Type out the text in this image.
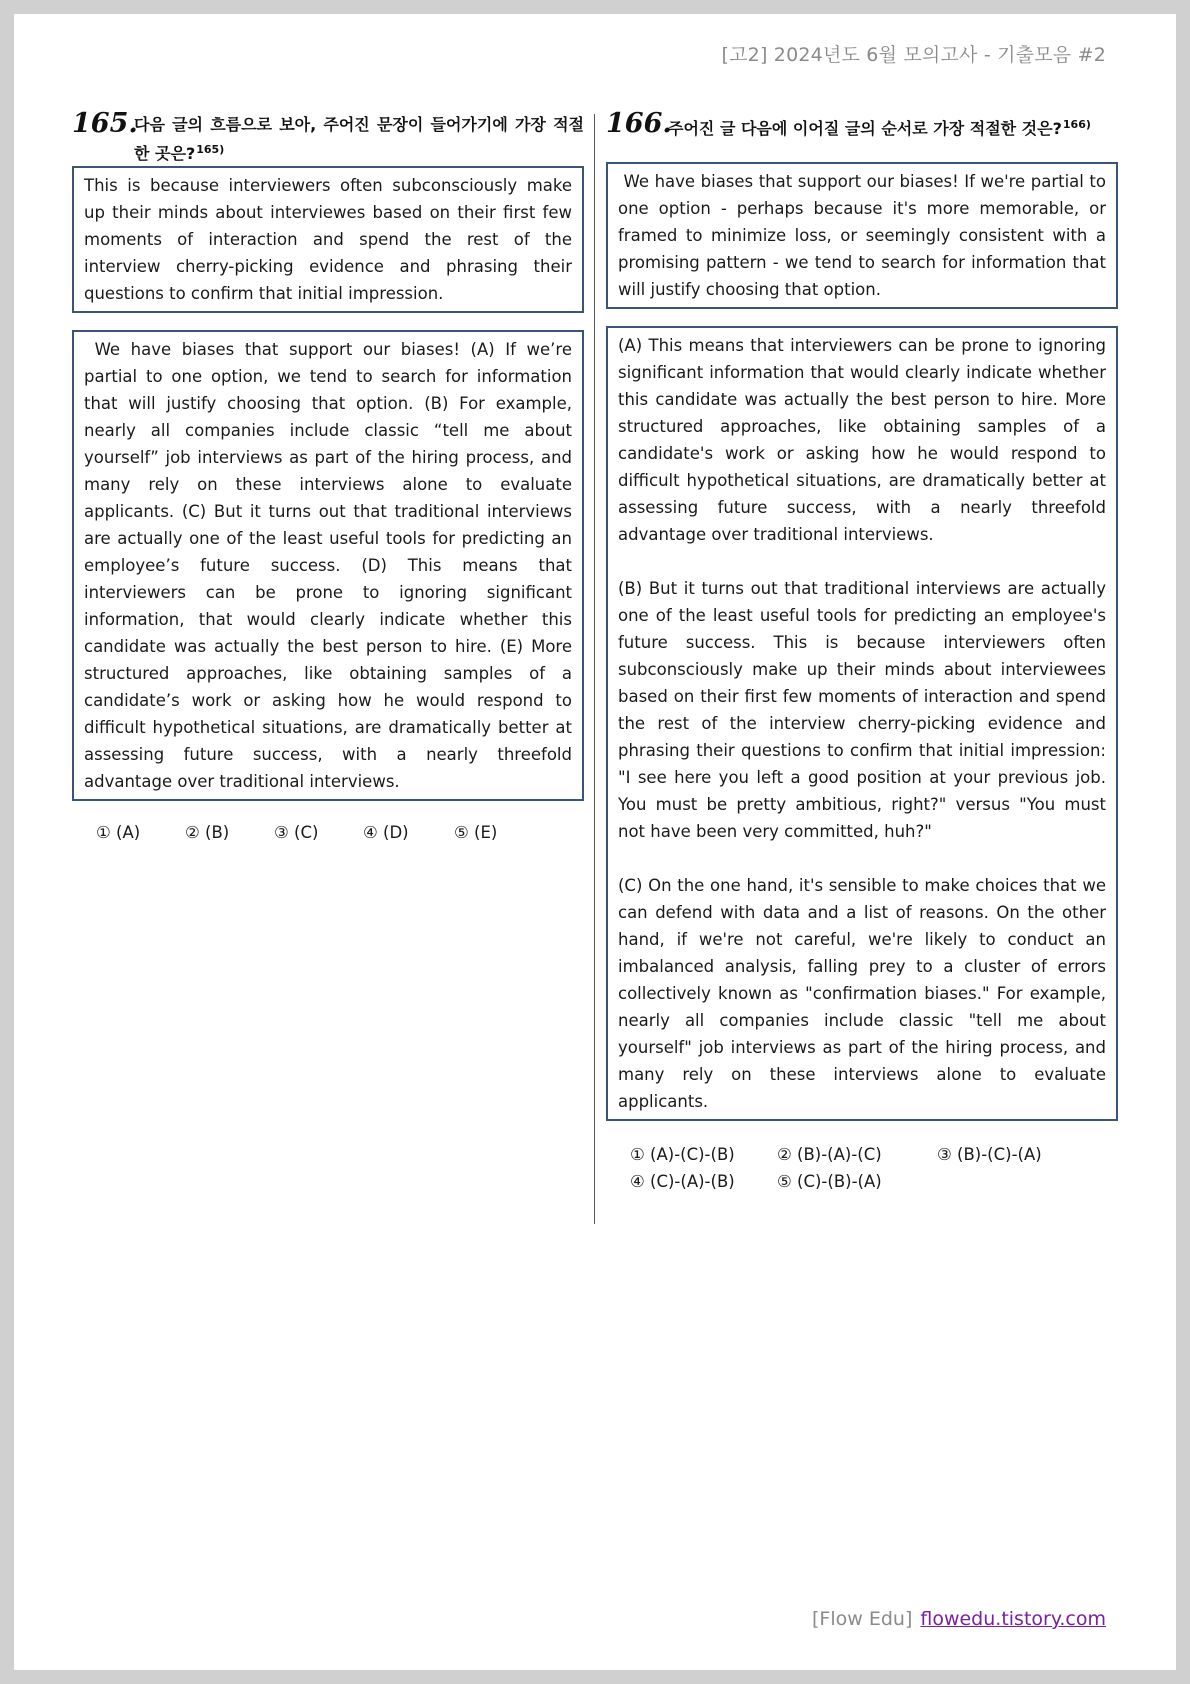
[고2] 2024년도 6월 모의고사 - 기출모음 #2
165.
다음 글의 흐름으로 보아, 주어진 문장이 들어가기에 가장 적절한 곳은?$^{165)}$

This is because interviewers often subconsciously make up their minds about interviewes based on their first few moments of interaction and spend the rest of the interview cherry-picking evidence and phrasing their questions to confirm that initial impression.

We have biases that support our biases! (A) If we’re partial to one option, we tend to search for information that will justify choosing that option. (B) For example, nearly all companies include classic “tell me about yourself” job interviews as part of the hiring process, and many rely on these interviews alone to evaluate applicants. (C) But it turns out that traditional interviews are actually one of the least useful tools for predicting an employee’s future success. (D) This means that interviewers can be prone to ignoring significant information, that would clearly indicate whether this candidate was actually the best person to hire. (E) More structured approaches, like obtaining samples of a candidate’s work or asking how he would respond to difficult hypothetical situations, are dramatically better at assessing future success, with a nearly threefold advantage over traditional interviews.

① (A)	② (B)	③ (C)	④ (D)	⑤ (E)
166.
주어진 글 다음에 이어질 글의 순서로 가장 적절한 것은?$^{166)}$

We have biases that support our biases! If we're partial to one option - perhaps because it's more memorable, or framed to minimize loss, or seemingly consistent with a promising pattern - we tend to search for information that will justify choosing that option.

(A) This means that interviewers can be prone to ignoring significant information that would clearly indicate whether this candidate was actually the best person to hire. More structured approaches, like obtaining samples of a candidate's work or asking how he would respond to difficult hypothetical situations, are dramatically better at assessing future success, with a nearly threefold advantage over traditional interviews.

(B) But it turns out that traditional interviews are actually one of the least useful tools for predicting an employee's future success. This is because interviewers often subconsciously make up their minds about interviewees based on their first few moments of interaction and spend the rest of the interview cherry-picking evidence and phrasing their questions to confirm that initial impression: "I see here you left a good position at your previous job. You must be pretty ambitious, right?" versus "You must not have been very committed, huh?"

(C) On the one hand, it's sensible to make choices that we can defend with data and a list of reasons. On the other hand, if we're not careful, we're likely to conduct an imbalanced analysis, falling prey to a cluster of errors collectively known as "confirmation biases." For example, nearly all companies include classic "tell me about yourself" job interviews as part of the hiring process, and many rely on these interviews alone to evaluate applicants.

① (A)-(C)-(B)	② (B)-(A)-(C)	③ (B)-(C)-(A)
④ (C)-(A)-(B)	⑤ (C)-(B)-(A)
[Flow Edu] flowedu.tistory.com
